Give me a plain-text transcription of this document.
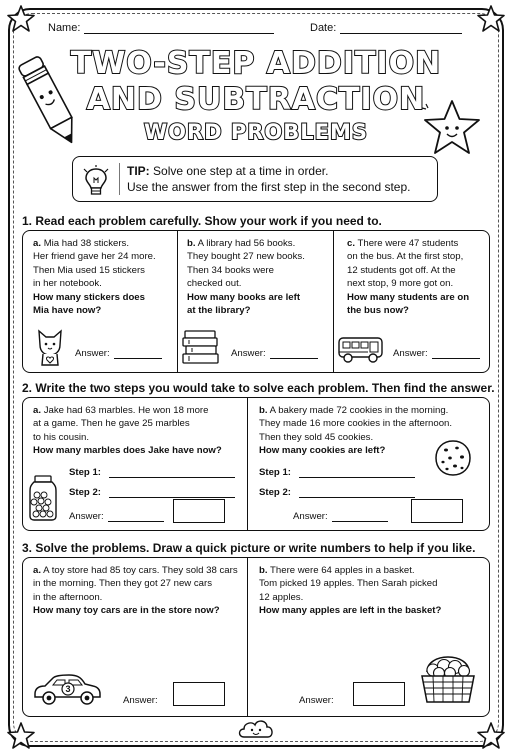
Name:	Date:
TWO-STEP ADDITION
AND SUBTRACTION
WORD PROBLEMS
TIP: Solve one step at a time in order.
Use the answer from the first step in the second step.
1. Read each problem carefully. Show your work if you need to.
a. Mia had 38 stickers.
Her friend gave her 24 more.
Then Mia used 15 stickers
in her notebook.
How many stickers does
Mia have now?
Answer:
b. A library had 56 books.
They bought 27 new books.
Then 34 books were
checked out.
How many books are left
at the library?
Answer:
c. There were 47 students
on the bus. At the first stop,
12 students got off. At the
next stop, 9 more got on.
How many students are on
the bus now?
Answer:
2. Write the two steps you would take to solve each problem. Then find the answer.
a. Jake had 63 marbles. He won 18 more
at a game. Then he gave 25 marbles
to his cousin.
How many marbles does Jake have now?
Step 1:
Step 2:
Answer:
b. A bakery made 72 cookies in the morning.
They made 16 more cookies in the afternoon.
Then they sold 45 cookies.
How many cookies are left?
Step 1:
Step 2:
Answer:
3. Solve the problems. Draw a quick picture or write numbers to help if you like.
a. A toy store had 85 toy cars. They sold 38 cars
in the morning. Then they got 27 new cars
in the afternoon.
How many toy cars are in the store now?
3
Answer:
b. There were 64 apples in a basket.
Tom picked 19 apples. Then Sarah picked
12 apples.
How many apples are left in the basket?
Answer:
